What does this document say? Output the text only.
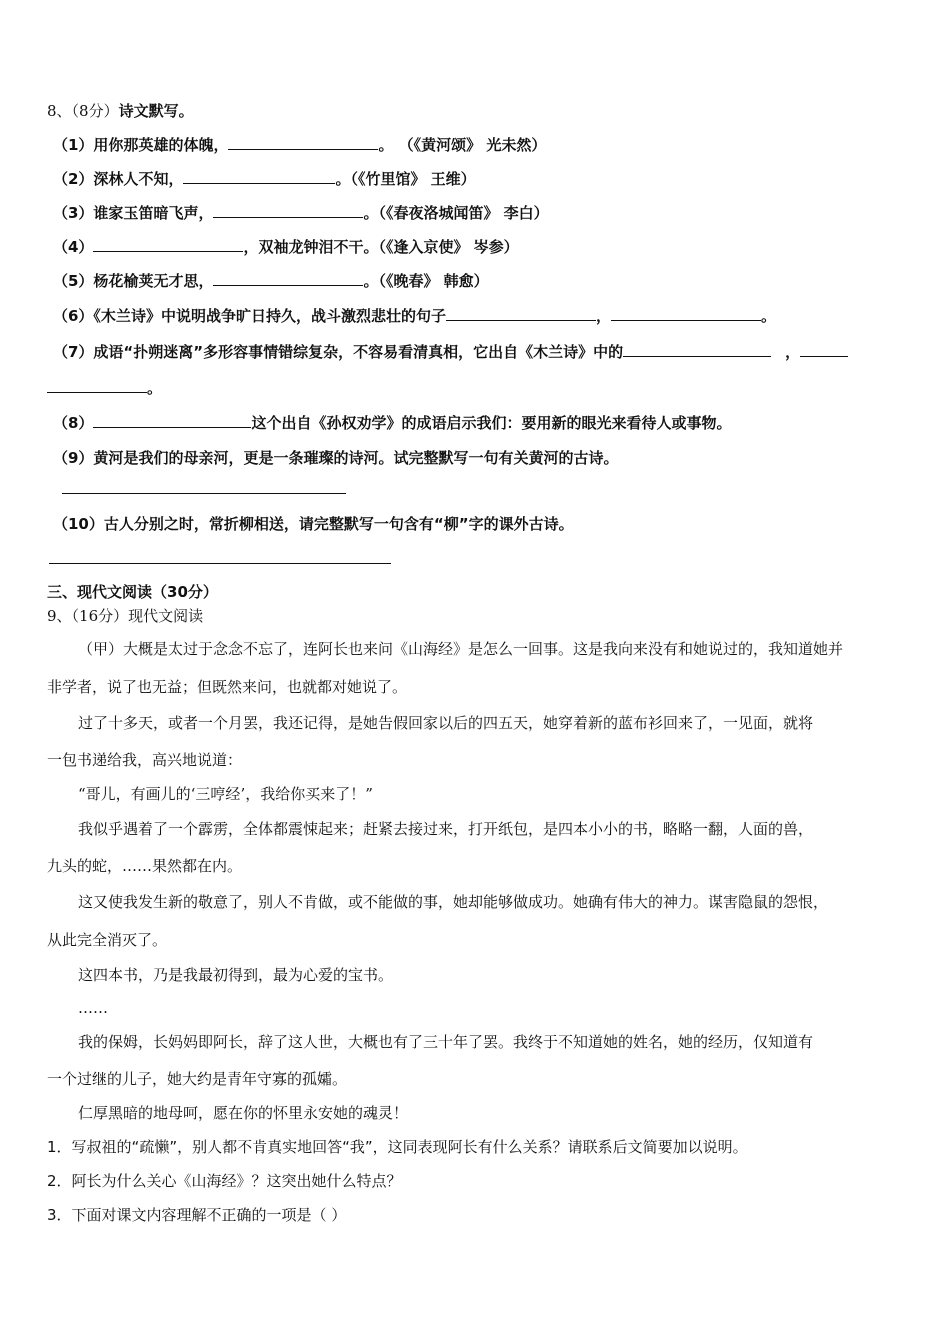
8、（8分）诗文默写。
（1）用你那英雄的体魄，	。 （《黄河颂》 光未然）
（2）深林人不知，	。（《竹里馆》 王维）
（3）谁家玉笛暗飞声，	。（《春夜洛城闻笛》 李白）
（4）	，双袖龙钟泪不干。（《逢入京使》 岑参）
（5）杨花榆荚无才思，	。（《晚春》 韩愈）
（6）《木兰诗》中说明战争旷日持久，战斗激烈悲壮的句子	，	。
（7）成语“扑朔迷离”多形容事情错综复杂，不容易看清真相，它出自《木兰诗》中的	，
。
（8）	这个出自《孙权劝学》的成语启示我们：要用新的眼光来看待人或事物。
（9）黄河是我们的母亲河，更是一条璀璨的诗河。试完整默写一句有关黄河的古诗。
（10）古人分别之时，常折柳相送，请完整默写一句含有“柳”字的课外古诗。
三、现代文阅读（30分）
9、（16分）现代文阅读
（甲）大概是太过于念念不忘了，连阿长也来问《山海经》是怎么一回事。这是我向来没有和她说过的，我知道她并
非学者，说了也无益；但既然来问，也就都对她说了。
过了十多天，或者一个月罢，我还记得，是她告假回家以后的四五天，她穿着新的蓝布衫回来了，一见面，就将
一包书递给我，高兴地说道：
“哥儿，有画儿的‘三哼经’，我给你买来了！”
我似乎遇着了一个霹雳，全体都震悚起来；赶紧去接过来，打开纸包，是四本小小的书，略略一翻，人面的兽，
九头的蛇，……果然都在内。
这又使我发生新的敬意了，别人不肯做，或不能做的事，她却能够做成功。她确有伟大的神力。谋害隐鼠的怨恨，
从此完全消灭了。
这四本书，乃是我最初得到，最为心爱的宝书。
……
我的保姆，长妈妈即阿长，辞了这人世，大概也有了三十年了罢。我终于不知道她的姓名，她的经历，仅知道有
一个过继的儿子，她大约是青年守寡的孤孀。
仁厚黑暗的地母呵，愿在你的怀里永安她的魂灵！
1．写叔祖的“疏懒”，别人都不肯真实地回答“我”，这同表现阿长有什么关系？请联系后文简要加以说明。
2．阿长为什么关心《山海经》？这突出她什么特点？
3．下面对课文内容理解不正确的一项是（ ）
